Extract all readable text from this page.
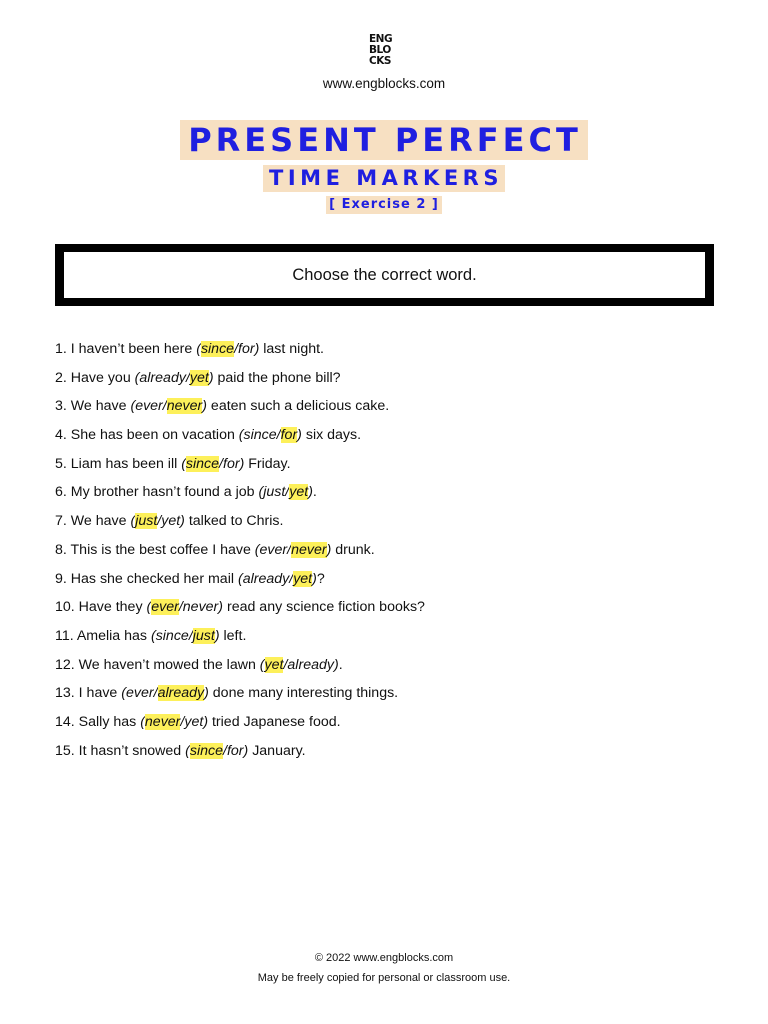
ENG
BLO
CKS
www.engblocks.com
PRESENT PERFECT
TIME MARKERS
[ Exercise 2 ]
Choose the correct word.
1. I haven’t been here (since/for) last night.
2. Have you (already/yet) paid the phone bill?
3. We have (ever/never) eaten such a delicious cake.
4. She has been on vacation (since/for) six days.
5. Liam has been ill (since/for) Friday.
6. My brother hasn’t found a job (just/yet).
7. We have (just/yet) talked to Chris.
8. This is the best coffee I have (ever/never) drunk.
9. Has she checked her mail (already/yet)?
10. Have they (ever/never) read any science fiction books?
11. Amelia has (since/just) left.
12. We haven’t mowed the lawn (yet/already).
13. I have (ever/already) done many interesting things.
14. Sally has (never/yet) tried Japanese food.
15. It hasn’t snowed (since/for) January.
© 2022 www.engblocks.com
May be freely copied for personal or classroom use.
